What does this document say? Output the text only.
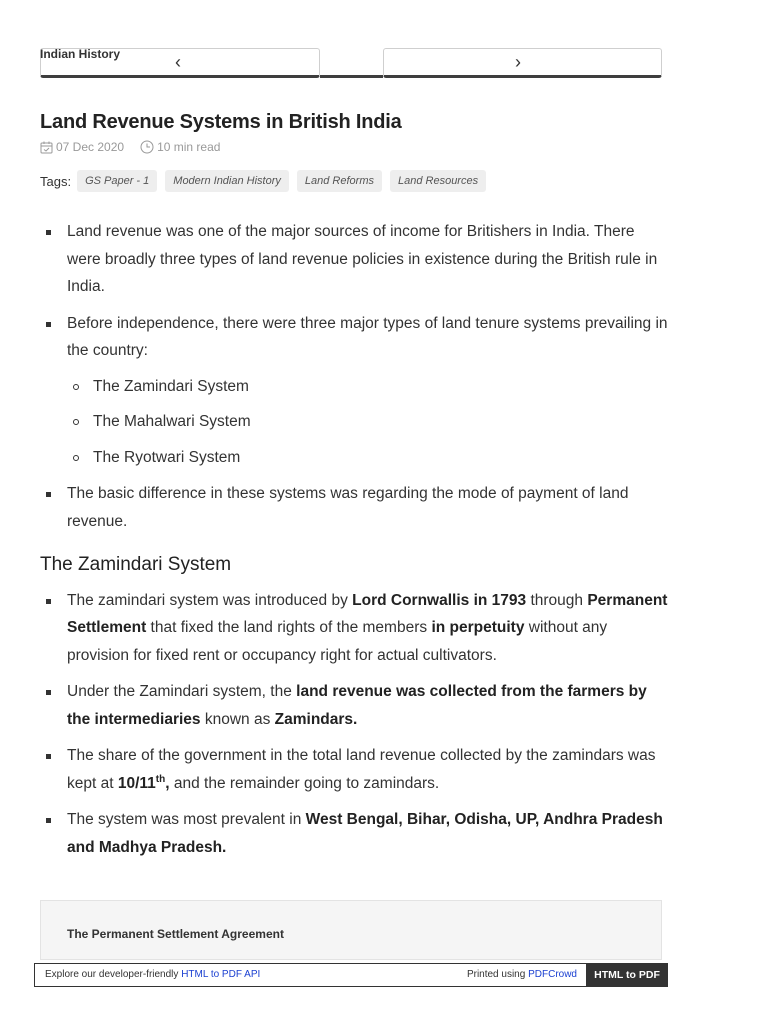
‹	›
Indian History
Land Revenue Systems in British India
07 Dec 2020	10 min read
Tags:	GS Paper - 1	Modern Indian History	Land Reforms	Land Resources
Land revenue was one of the major sources of income for Britishers in India. There were broadly three types of land revenue policies in existence during the British rule in India.
Before independence, there were three major types of land tenure systems prevailing in the country:
The Zamindari System
The Mahalwari System
The Ryotwari System
The basic difference in these systems was regarding the mode of payment of land revenue.
The Zamindari System
The zamindari system was introduced by Lord Cornwallis in 1793 through Permanent Settlement that fixed the land rights of the members in perpetuity without any provision for fixed rent or occupancy right for actual cultivators.
Under the Zamindari system, the land revenue was collected from the farmers by the intermediaries known as Zamindars.
The share of the government in the total land revenue collected by the zamindars was kept at 10/11th, and the remainder going to zamindars.
The system was most prevalent in West Bengal, Bihar, Odisha, UP, Andhra Pradesh and Madhya Pradesh.
The Permanent Settlement Agreement
Explore our developer-friendly HTML to PDF API	Printed using PDFCrowd	HTML to PDF
